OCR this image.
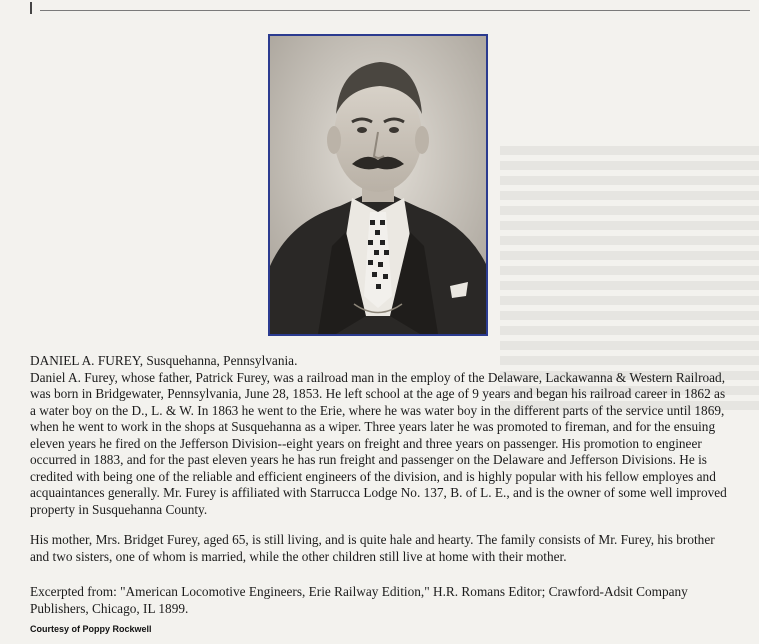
DANIEL A. FUREY, Susquehanna, Pennsylvania.

Daniel A. Furey, whose father, Patrick Furey, was a railroad man in the employ of the Delaware, Lackawanna & Western Railroad, was born in Bridgewater, Pennsylvania, June 28, 1853. He left school at the age of 9 years and began his railroad career in 1862 as a water boy on the D., L. & W. In 1863 he went to the Erie, where he was water boy in the different parts of the service until 1869, when he went to work in the shops at Susquehanna as a wiper. Three years later he was promoted to fireman, and for the ensuing eleven years he fired on the Jefferson Division--eight years on freight and three years on passenger. His promotion to engineer occurred in 1883, and for the past eleven years he has run freight and passenger on the Delaware and Jefferson Divisions. He is credited with being one of the reliable and efficient engineers of the division, and is highly popular with his fellow employes and acquaintances generally. Mr. Furey is affiliated with Starrucca Lodge No. 137, B. of L. E., and is the owner of some well improved property in Susquehanna County.

His mother, Mrs. Bridget Furey, aged 65, is still living, and is quite hale and hearty. The family consists of Mr. Furey, his brother and two sisters, one of whom is married, while the other children still live at home with their mother.

Excerpted from: "American Locomotive Engineers, Erie Railway Edition," H.R. Romans Editor; Crawford-Adsit Company Publishers, Chicago, IL 1899.
Courtesy of Poppy Rockwell
